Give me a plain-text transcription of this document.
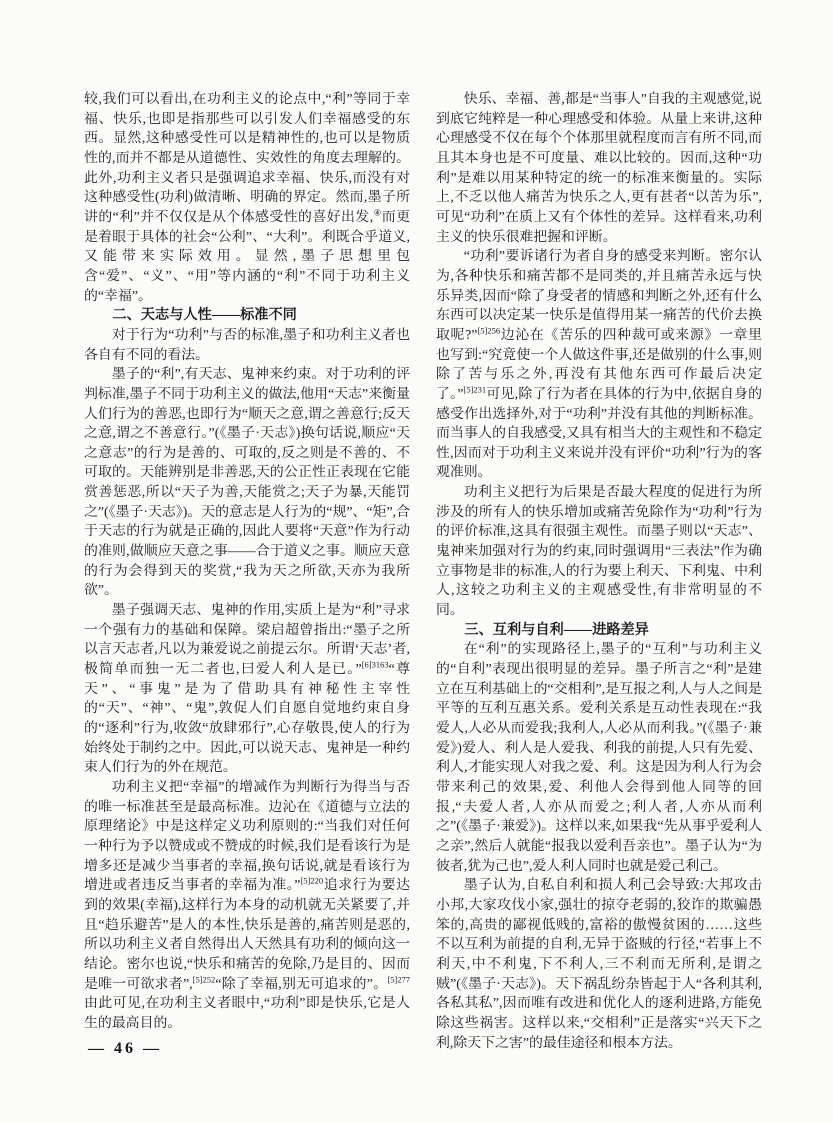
较,我们可以看出,在功利主义的论点中,“利”等同于幸福、快乐,也即是指那些可以引发人们幸福感受的东西。显然,这种感受性可以是精神性的,也可以是物质性的,而并不都是从道德性、实效性的角度去理解的。此外,功利主义者只是强调追求幸福、快乐,而没有对这种感受性(功利)做清晰、明确的界定。然而,墨子所讲的“利”并不仅仅是从个体感受性的喜好出发,④而更是着眼于具体的社会“公利”、“大利”。利既合乎道义,又能带来实际效用。显然,墨子思想里包含“爱”、“义”、“用”等内涵的“利”不同于功利主义的“幸福”。

二、天志与人性——标准不同

对于行为“功利”与否的标准,墨子和功利主义者也各自有不同的看法。

墨子的“利”,有天志、鬼神来约束。对于功利的评判标准,墨子不同于功利主义的做法,他用“天志”来衡量人们行为的善恶,也即行为“顺天之意,谓之善意行;反天之意,谓之不善意行。”(《墨子·天志》)换句话说,顺应“天之意志”的行为是善的、可取的,反之则是不善的、不可取的。天能辨别是非善恶,天的公正性正表现在它能赏善惩恶,所以“天子为善,天能赏之;天子为暴,天能罚之”(《墨子·天志》)。天的意志是人行为的“规”、“矩”,合于天志的行为就是正确的,因此人要将“天意”作为行动的准则,做顺应天意之事——合于道义之事。顺应天意的行为会得到天的奖赏,“我为天之所欲,天亦为我所欲”。

墨子强调天志、鬼神的作用,实质上是为“利”寻求一个强有力的基础和保障。梁启超曾指出:“墨子之所以言天志者,凡以为兼爱说之前提云尔。所谓‘天志’者,极简单而独一无二者也,曰爱人利人是已。”$^{[6]3163}$“尊天”、“事鬼”是为了借助具有神秘性主宰性的“天”、“神”、“鬼”,敦促人们自愿自觉地约束自身的“逐利”行为,收敛“放肆邪行”,心存敬畏,使人的行为始终处于制约之中。因此,可以说天志、鬼神是一种约束人们行为的外在规范。

功利主义把“幸福”的增减作为判断行为得当与否的唯一标准甚至是最高标准。边沁在《道德与立法的原理绪论》中是这样定义功利原则的:“当我们对任何一种行为予以赞成或不赞成的时候,我们是看该行为是增多还是减少当事者的幸福,换句话说,就是看该行为增进或者违反当事者的幸福为准。”$^{[5]220}$追求行为要达到的效果(幸福),这样行为本身的动机就无关紧要了,并且“趋乐避苦”是人的本性,快乐是善的,痛苦则是恶的,所以功利主义者自然得出人天然具有功利的倾向这一结论。密尔也说,“快乐和痛苦的免除,乃是目的、因而是唯一可欲求者”,$^{[5]252}$“除了幸福,别无可追求的”。$^{[5]277}$由此可见,在功利主义者眼中,“功利”即是快乐,它是人生的最高目的。

快乐、幸福、善,都是“当事人”自我的主观感觉,说到底它纯粹是一种心理感受和体验。从量上来讲,这种心理感受不仅在每个个体那里就程度而言有所不同,而且其本身也是不可度量、难以比较的。因而,这种“功利”是难以用某种特定的统一的标准来衡量的。实际上,不乏以他人痛苦为快乐之人,更有甚者“以苦为乐”,可见“功利”在质上又有个体性的差异。这样看来,功利主义的快乐很难把握和评断。

“功利”要诉诸行为者自身的感受来判断。密尔认为,各种快乐和痛苦都不是同类的,并且痛苦永远与快乐异类,因而“除了身受者的情感和判断之外,还有什么东西可以决定某一快乐是值得用某一痛苦的代价去换取呢?”$^{[5]256}$边沁在《苦乐的四种裁可或来源》一章里也写到:“究竟使一个人做这件事,还是做别的什么事,则除了苦与乐之外,再没有其他东西可作最后决定了。”$^{[5]231}$可见,除了行为者在具体的行为中,依据自身的感受作出选择外,对于“功利”并没有其他的判断标准。而当事人的自我感受,又具有相当大的主观性和不稳定性,因而对于功利主义来说并没有评价“功利”行为的客观准则。

功利主义把行为后果是否最大程度的促进行为所涉及的所有人的快乐增加或痛苦免除作为“功利”行为的评价标准,这具有很强主观性。而墨子则以“天志”、鬼神来加强对行为的约束,同时强调用“三表法”作为确立事物是非的标准,人的行为要上利天、下利鬼、中利人,这较之功利主义的主观感受性,有非常明显的不同。

三、互利与自利——进路差异

在“利”的实现路径上,墨子的“互利”与功利主义的“自利”表现出很明显的差异。墨子所言之“利”是建立在互利基础上的“交相利”,是互报之利,人与人之间是平等的互利互惠关系。爱利关系是互动性表现在:“我爱人,人必从而爱我;我利人,人必从而利我。”(《墨子·兼爱》)爱人、利人是人爱我、利我的前提,人只有先爱、利人,才能实现人对我之爱、利。这是因为利人行为会带来利己的效果,爱、利他人会得到他人同等的回报,“夫爱人者,人亦从而爱之;利人者,人亦从而利之”(《墨子·兼爱》)。这样以来,如果我“先从事乎爱利人之亲”,然后人就能“报我以爱利吾亲也”。墨子认为“为彼者,犹为己也”,爱人利人同时也就是爱己利己。

墨子认为,自私自利和损人利己会导致:大邦攻击小邦,大家攻伐小家,强壮的掠夺老弱的,狡诈的欺骗愚笨的,高贵的鄙视低贱的,富裕的傲慢贫困的……这些不以互利为前提的自利,无异于盗贼的行径,“若事上不利天,中不利鬼,下不利人,三不利而无所利,是谓之贼”(《墨子·天志》)。天下祸乱纷杂皆起于人“各利其利,各私其私”,因而唯有改进和优化人的逐利进路,方能免除这些祸害。这样以来,“交相利”正是落实“兴天下之利,除天下之害”的最佳途径和根本方法。

— 46 —
